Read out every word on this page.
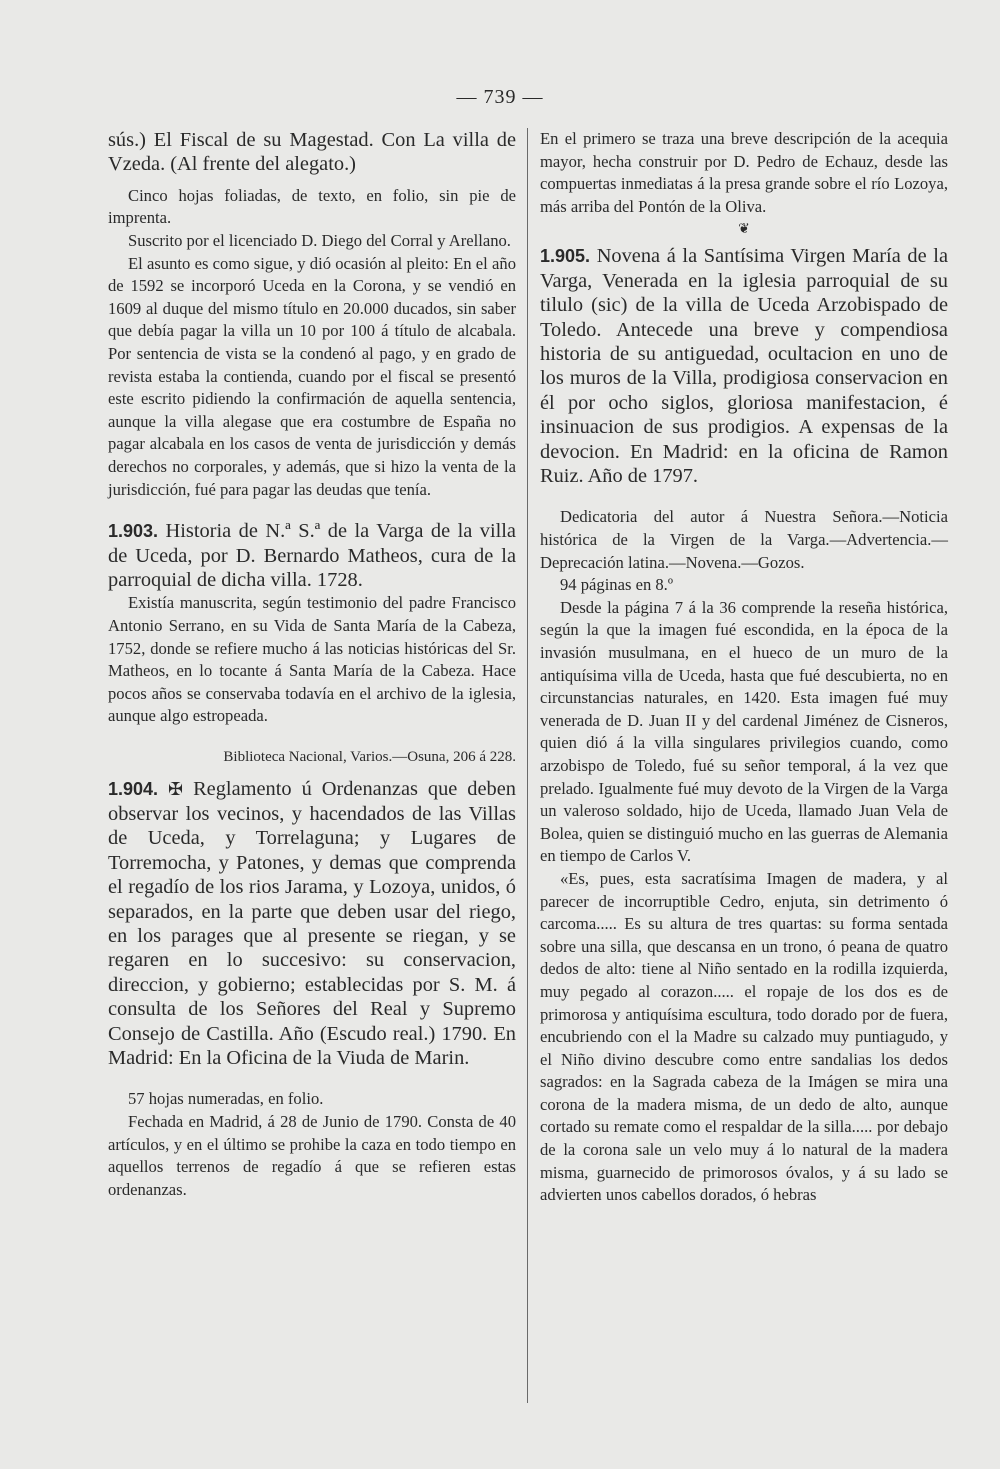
— 739 —

sús.) El Fiscal de su Magestad. Con La villa de Vzeda. (Al frente del alegato.)

Cinco hojas foliadas, de texto, en folio, sin pie de imprenta.

Suscrito por el licenciado D. Diego del Corral y Arellano.

El asunto es como sigue, y dió ocasión al pleito: En el año de 1592 se incorporó Uceda en la Corona, y se vendió en 1609 al duque del mismo título en 20.000 ducados, sin saber que debía pagar la villa un 10 por 100 á título de alcabala. Por sentencia de vista se la condenó al pago, y en grado de revista estaba la contienda, cuando por el fiscal se presentó este escrito pidiendo la confirmación de aquella sentencia, aunque la villa alegase que era costumbre de España no pagar alcabala en los casos de venta de jurisdicción y demás derechos no corporales, y además, que si hizo la venta de la jurisdicción, fué para pagar las deudas que tenía.

1.903. Historia de N.ª S.ª de la Varga de la villa de Uceda, por D. Bernardo Matheos, cura de la parroquial de dicha villa. 1728.

Existía manuscrita, según testimonio del padre Francisco Antonio Serrano, en su Vida de Santa María de la Cabeza, 1752, donde se refiere mucho á las noticias históricas del Sr. Matheos, en lo tocante á Santa María de la Cabeza. Hace pocos años se conservaba todavía en el archivo de la iglesia, aunque algo estropeada.

Biblioteca Nacional, Varios.—Osuna, 206 á 228.

1.904. ✠ Reglamento ú Ordenanzas que deben observar los vecinos, y hacendados de las Villas de Uceda, y Torrelaguna; y Lugares de Torremocha, y Patones, y demas que comprenda el regadío de los rios Jarama, y Lozoya, unidos, ó separados, en la parte que deben usar del riego, en los parages que al presente se riegan, y se regaren en lo succesivo: su conservacion, direccion, y gobierno; establecidas por S. M. á consulta de los Señores del Real y Supremo Consejo de Castilla. Año (Escudo real.) 1790. En Madrid: En la Oficina de la Viuda de Marin.

57 hojas numeradas, en folio.

Fechada en Madrid, á 28 de Junio de 1790. Consta de 40 artículos, y en el último se prohibe la caza en todo tiempo en aquellos terrenos de regadío á que se refieren estas ordenanzas.

En el primero se traza una breve descripción de la acequia mayor, hecha construir por D. Pedro de Echauz, desde las compuertas inmediatas á la presa grande sobre el río Lozoya, más arriba del Pontón de la Oliva.

❦

1.905. Novena á la Santísima Virgen María de la Varga, Venerada en la iglesia parroquial de su tilulo (sic) de la villa de Uceda Arzobispado de Toledo. Antecede una breve y compendiosa historia de su antiguedad, ocultacion en uno de los muros de la Villa, prodigiosa conservacion en él por ocho siglos, gloriosa manifestacion, é insinuacion de sus prodigios. A expensas de la devocion. En Madrid: en la oficina de Ramon Ruiz. Año de 1797.

Dedicatoria del autor á Nuestra Señora.—Noticia histórica de la Virgen de la Varga.—Advertencia.—Deprecación latina.—Novena.—Gozos.

94 páginas en 8.º

Desde la página 7 á la 36 comprende la reseña histórica, según la que la imagen fué escondida, en la época de la invasión musulmana, en el hueco de un muro de la antiquísima villa de Uceda, hasta que fué descubierta, no en circunstancias naturales, en 1420. Esta imagen fué muy venerada de D. Juan II y del cardenal Jiménez de Cisneros, quien dió á la villa singulares privilegios cuando, como arzobispo de Toledo, fué su señor temporal, á la vez que prelado. Igualmente fué muy devoto de la Virgen de la Varga un valeroso soldado, hijo de Uceda, llamado Juan Vela de Bolea, quien se distinguió mucho en las guerras de Alemania en tiempo de Carlos V.

«Es, pues, esta sacratísima Imagen de madera, y al parecer de incorruptible Cedro, enjuta, sin detrimento ó carcoma..... Es su altura de tres quartas: su forma sentada sobre una silla, que descansa en un trono, ó peana de quatro dedos de alto: tiene al Niño sentado en la rodilla izquierda, muy pegado al corazon..... el ropaje de los dos es de primorosa y antiquísima escultura, todo dorado por de fuera, encubriendo con el la Madre su calzado muy puntiagudo, y el Niño divino descubre como entre sandalias los dedos sagrados: en la Sagrada cabeza de la Imágen se mira una corona de la madera misma, de un dedo de alto, aunque cortado su remate como el respaldar de la silla..... por debajo de la corona sale un velo muy á lo natural de la madera misma, guarnecido de primorosos óvalos, y á su lado se advierten unos cabellos dorados, ó hebras
